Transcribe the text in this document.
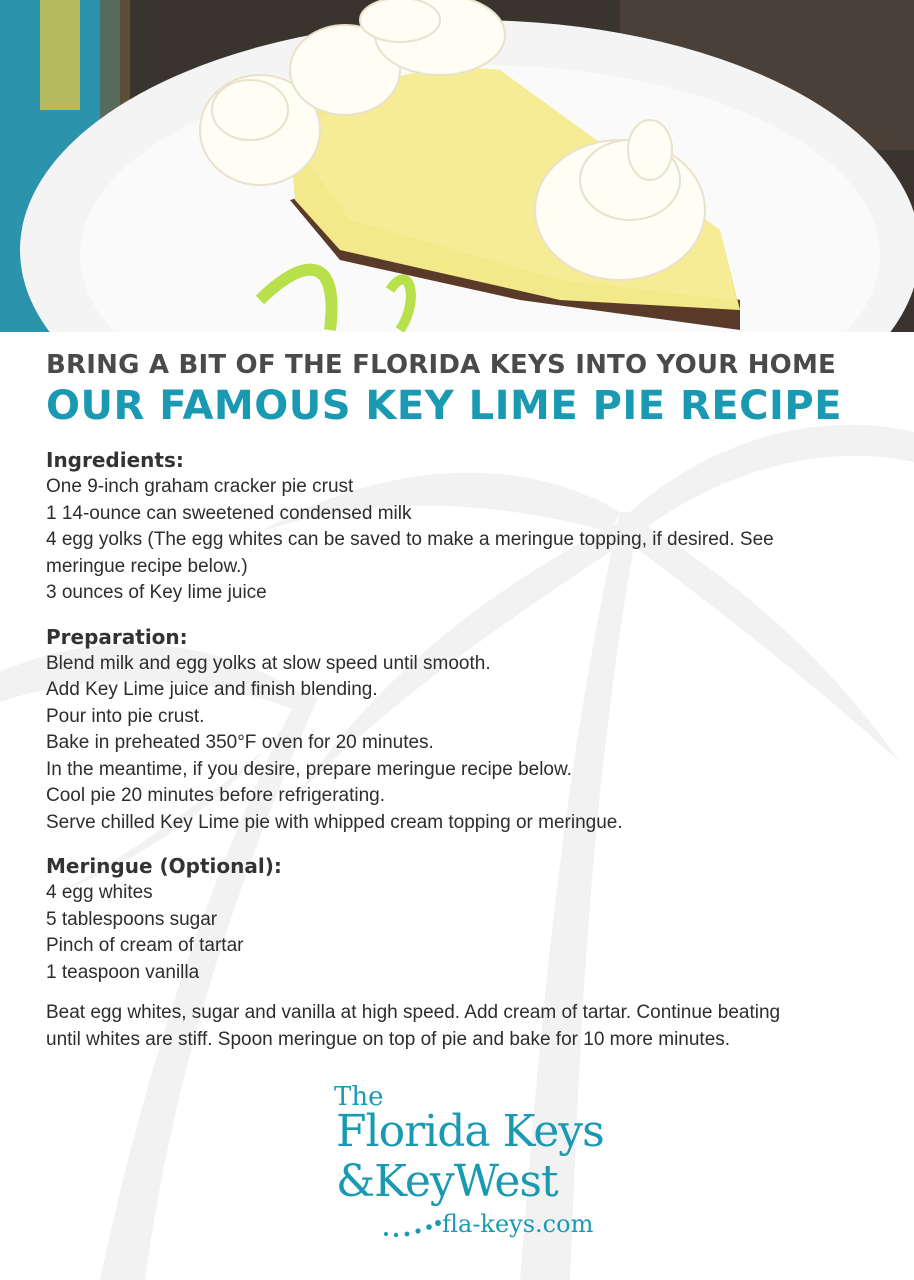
BRING A BIT OF THE FLORIDA KEYS INTO YOUR HOME

OUR FAMOUS KEY LIME PIE RECIPE

Ingredients:

One 9-inch graham cracker pie crust

1 14-ounce can sweetened condensed milk

4 egg yolks (The egg whites can be saved to make a meringue topping, if desired. See

meringue recipe below.)

3 ounces of Key lime juice

Preparation:

Blend milk and egg yolks at slow speed until smooth.

Add Key Lime juice and finish blending.

Pour into pie crust.

Bake in preheated 350°F oven for 20 minutes.

In the meantime, if you desire, prepare meringue recipe below.

Cool pie 20 minutes before refrigerating.

Serve chilled Key Lime pie with whipped cream topping or meringue.

Meringue (Optional):

4 egg whites

5 tablespoons sugar

Pinch of cream of tartar

1 teaspoon vanilla

Beat egg whites, sugar and vanilla at high speed. Add cream of tartar. Continue beating

until whites are stiff. Spoon meringue on top of pie and bake for 10 more minutes.

The
Florida Keys
&KeyWest
fla-keys.com
